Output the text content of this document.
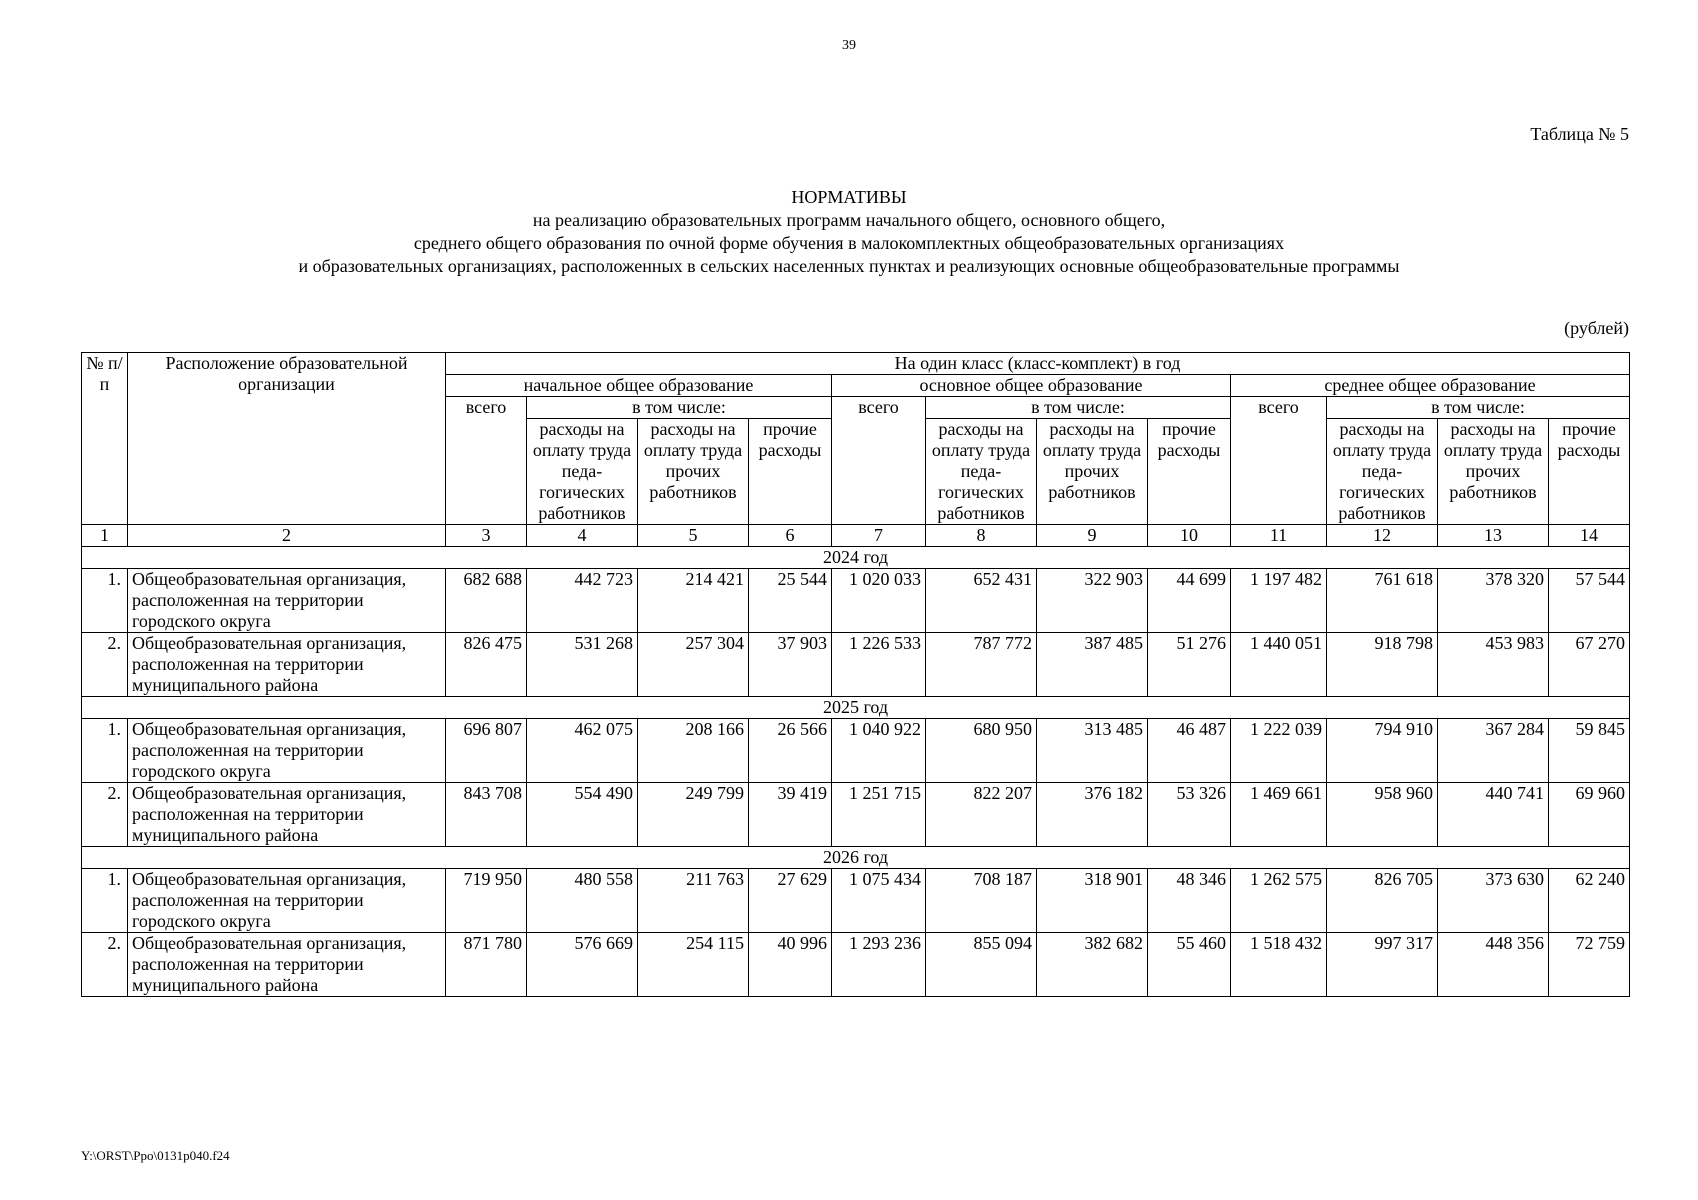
39
Таблица № 5
НОРМАТИВЫ
на реализацию образовательных программ начального общего, основного общего,
среднего общего образования по очной форме обучения в малокомплектных общеобразовательных организациях
и образовательных организациях, расположенных в сельских населенных пунктах и реализующих основные общеобразовательные программы
(рублей)
№ п/п	Расположение образовательной организации	На один класс (класс-комплект) в год											
		начальное общее образование				основное общее образование				среднее общее образование			
		всего	в том числе:			всего	в том числе:			всего	в том числе:		
			расходы на оплату труда педагогических работников	расходы на оплату труда прочих работников	прочие расходы		расходы на оплату труда педагогических работников	расходы на оплату труда прочих работников	прочие расходы		расходы на оплату труда педагогических работников	расходы на оплату труда прочих работников	прочие расходы
1	2	3	4	5	6	7	8	9	10	11	12	13	14
2024 год													
1.	Общеобразовательная организация, расположенная на территории городского округа	682 688	442 723	214 421	25 544	1 020 033	652 431	322 903	44 699	1 197 482	761 618	378 320	57 544
2.	Общеобразовательная организация, расположенная на территории муниципального района	826 475	531 268	257 304	37 903	1 226 533	787 772	387 485	51 276	1 440 051	918 798	453 983	67 270
2025 год													
1.	Общеобразовательная организация, расположенная на территории городского округа	696 807	462 075	208 166	26 566	1 040 922	680 950	313 485	46 487	1 222 039	794 910	367 284	59 845
2.	Общеобразовательная организация, расположенная на территории муниципального района	843 708	554 490	249 799	39 419	1 251 715	822 207	376 182	53 326	1 469 661	958 960	440 741	69 960
2026 год													
1.	Общеобразовательная организация, расположенная на территории городского округа	719 950	480 558	211 763	27 629	1 075 434	708 187	318 901	48 346	1 262 575	826 705	373 630	62 240
2.	Общеобразовательная организация, расположенная на территории муниципального района	871 780	576 669	254 115	40 996	1 293 236	855 094	382 682	55 460	1 518 432	997 317	448 356	72 759
Y:\ORST\Ppo\0131p040.f24
